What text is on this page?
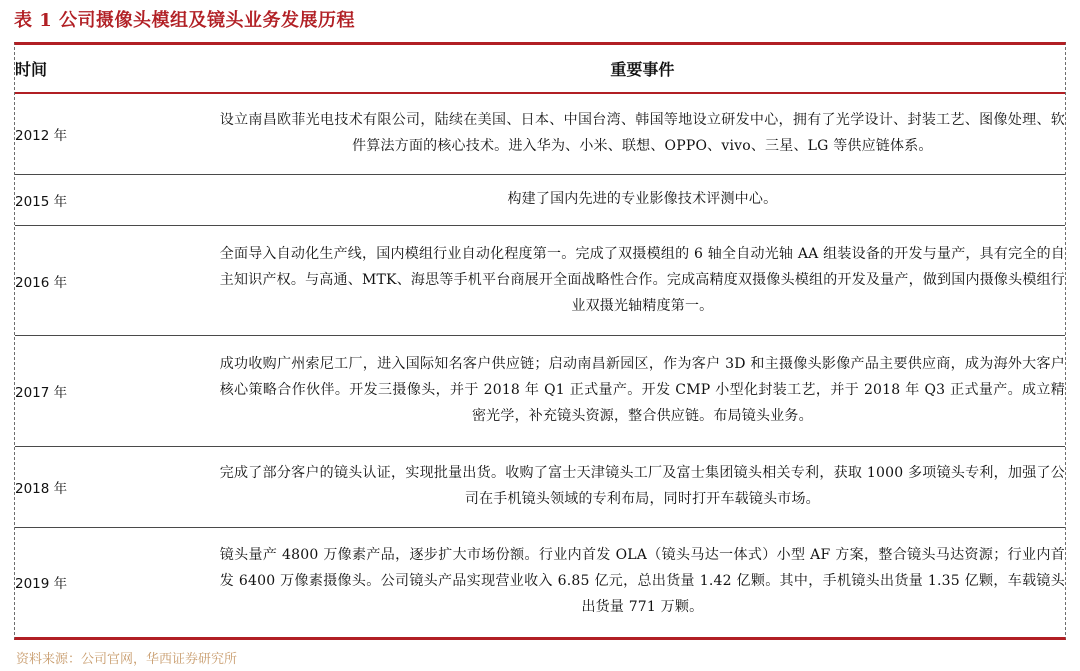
表 1 公司摄像头模组及镜头业务发展历程
时间	重要事件
2012 年	设立南昌欧菲光电技术有限公司，陆续在美国、日本、中国台湾、韩国等地设立研发中心，拥有了光学设计、封装工艺、图像处理、软件算法方面的核心技术。进入华为、小米、联想、OPPO、vivo、三星、LG 等供应链体系。

2015 年	构建了国内先进的专业影像技术评测中心。

2016 年	全面导入自动化生产线，国内模组行业自动化程度第一。完成了双摄模组的 6 轴全自动光轴 AA 组装设备的开发与量产，具有完全的自主知识产权。与高通、MTK、海思等手机平台商展开全面战略性合作。完成高精度双摄像头模组的开发及量产，做到国内摄像头模组行业双摄光轴精度第一。

2017 年	成功收购广州索尼工厂，进入国际知名客户供应链；启动南昌新园区，作为客户 3D 和主摄像头影像产品主要供应商，成为海外大客户核心策略合作伙伴。开发三摄像头，并于 2018 年 Q1 正式量产。开发 CMP 小型化封装工艺，并于 2018 年 Q3 正式量产。成立精密光学，补充镜头资源，整合供应链。布局镜头业务。

2018 年	完成了部分客户的镜头认证，实现批量出货。收购了富士天津镜头工厂及富士集团镜头相关专利，获取 1000 多项镜头专利，加强了公司在手机镜头领域的专利布局，同时打开车载镜头市场。

2019 年	镜头量产 4800 万像素产品，逐步扩大市场份额。行业内首发 OLA（镜头马达一体式）小型 AF 方案，整合镜头马达资源；行业内首发 6400 万像素摄像头。公司镜头产品实现营业收入 6.85 亿元，总出货量 1.42 亿颗。其中，手机镜头出货量 1.35 亿颗，车载镜头出货量 771 万颗。
资料来源：公司官网，华西证券研究所
